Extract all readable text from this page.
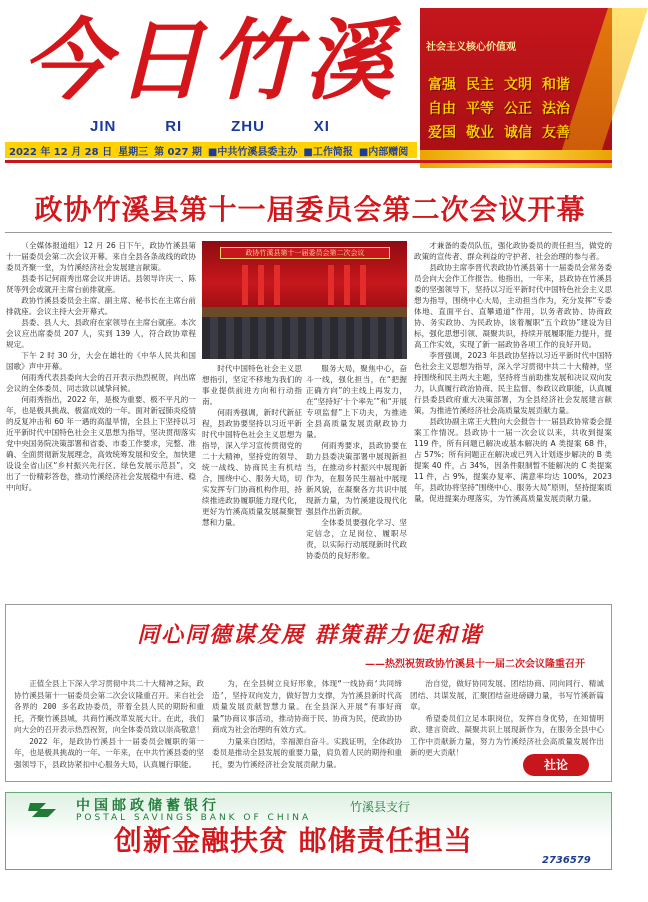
今日竹溪
JIN	RI	ZHU	XI
社会主义核心价值观
富强 民主 文明 和谐
自由 平等 公正 法治
爱国 敬业 诚信 友善
2022 年 12 月 28 日 星期三 第 027 期 ■中共竹溪县委主办 ■工作简报 ■内部赠阅
政协竹溪县第十一届委员会第二次会议开幕

（全媒体报道组）12 月 26 日下午，政协竹溪县第十一届委员会第二次会议开幕。来自全县各条战线的政协委员齐聚一堂，为竹溪经济社会发展建言献策。

县委书记何雨秀出席会议并讲话。县领导许庆一、陈贤等列会或就开主席台前排就座。

政协竹溪县委员会主席、副主席、秘书长在主席台前排就座。会议主持大会开幕式。

县委、县人大、县政府在家领导在主席台就座。本次会议应出席委员 207 人，实到 139 人，符合政协章程规定。

下午 2 时 30 分，大会在雄壮的《中华人民共和国国歌》声中开幕。

何雨秀代表县委向大会的召开表示热烈祝贺，向出席会议的全体委员、同志致以诚挚问候。

何雨秀指出，2022 年，是极为重要、极不平凡的一年，也是极具挑战、极富成效的一年。面对新冠肺炎疫情的反复冲击和 60 年一遇的高温旱情，全县上下坚持以习近平新时代中国特色社会主义思想为指导，坚决贯彻落实党中央国务院决策部署和省委、市委工作要求，完整、准确、全面贯彻新发展理念，高效统筹发展和安全，加快建设设全省山区“乡村振兴先行区、绿色发展示范县”，交出了一份精彩答卷，推动竹溪经济社会发展稳中有进、稳中向好。

政协竹溪县第十一届委员会第二次会议

时代中国特色社会主义思想指引，坚定不移地为我们的事业提供前进方向和行动指南。

何雨秀强调，新时代新征程，县政协要坚持以习近平新时代中国特色社会主义思想为指导，深入学习宣传贯彻党的二十大精神，坚持党的领导、统一战线、协商民主有机结合，围绕中心、服务大局，切实发挥专门协商机构作用，持续推进政协履职能力现代化，更好为竹溪高质量发展凝聚智慧和力量。

服务大局，聚焦中心，奋斗一线，强化担当，在“把握正确方向”的主线上再发力，在“坚持好‘十个率先’”和“开展专项监督”上下功夫，为推进全县高质量发展贡献政协力量。

何雨秀要求，县政协要在助力县委决策部署中展现新担当，在推动乡村振兴中展现新作为，在服务民生福祉中展现新风貌，在凝聚各方共识中展现新力量，为竹溪建设现代化强县作出新贡献。

全体委员要强化学习、坚定信念，立足岗位、履职尽责，以实际行动展现新时代政协委员的良好形象。

才兼备的委员队伍，强化政协委员的责任担当，做党的政策的宣传者、群众利益的守护者、社会治理的参与者。

县政协主席李晋代表政协竹溪县第十一届委员会常务委员会向大会作工作报告。他指出，一年来，县政协在竹溪县委的坚强领导下，坚持以习近平新时代中国特色社会主义思想为指导，围绕中心大局，主动担当作为，充分发挥“专委体地、直面平台、直攀通道”作用，以务者政协、协商政协、务实政协、为民政协，该着履职“五个政协”建设为目标，强化思想引领、凝聚共识，持续开展履职能力提升，提高工作实效，实现了新一届政协各项工作的良好开局。

李晋强调，2023 年县政协坚持以习近平新时代中国特色社会主义思想为指导，深入学习贯彻中共二十大精神，坚持围绕和民主两大主题，坚持将当前助推发展和决议双向发力，认真履行政治协商、民主监督、参政议政职能，认真履行县委县政府重大决策部署，为全县经济社会发展建言献策，为推进竹溪经济社会高质量发展贡献力量。

县政协副主席王大胜向大会报告十一届县政协常委会提案工作情况。县政协十一届一次会议以来，共收到提案 119 件，所有问题已解决或基本解决的 A 类提案 68 件，占 57%；所有问题正在解决或已列入计划逐步解决的 B 类提案 40 件，占 34%，因条件限制暂不能解决的 C 类提案 11 件，占 9%，提案办复率、满意率均达 100%，2023 年，县政协将坚持“围绕中心、服务大局”原则，坚持提案质量，促进提案办理落实，为竹溪高质量发展贡献力量。

同心同德谋发展 群策群力促和谐
——热烈祝贺政协竹溪县十一届二次会议隆重召开

正值全县上下深入学习贯彻中共二十大精神之际，政协竹溪县第十一届委员会第二次会议隆重召开。来自社会各界的 200 多名政协委员，带着全县人民的期盼和重托，齐聚竹溪县城，共商竹溪改革发展大计。在此，我们向大会的召开表示热烈祝贺，向全体委员致以崇高敬意！

2022 年，是政协竹溪县十一届委员会履职的第一年，也是极具挑战的一年。一年来，在中共竹溪县委的坚强领导下，县政协紧扣中心服务大局，认真履行职能。

为，在全县树立良好形象，体现“一线协商‘共同缔造’，坚持双向发力，做好智力支撑，为竹溪县新时代高质量发展贡献智慧力量。在全县深入开展“有事好商量”协商议事活动，推动协商于民、协商为民，使政协协商成为社会治理的有效方式。

力量来自团结，幸福源自奋斗。实践证明，全体政协委员是推动全县发展的重要力量，肩负着人民的期待和重托，要为竹溪经济社会发展贡献力量。

治自觉，做好协同发展、团结协商、同向同行、精诚团结、共谋发展，汇聚团结奋进磅礴力量，书写竹溪新篇章。

希望委员们立足本职岗位，发挥自身优势，在知情明政、建言资政、凝聚共识上展现新作为，在服务全县中心工作中贡献新力量，努力为竹溪经济社会高质量发展作出新的更大贡献！

社论
中国邮政储蓄银行	竹溪县支行
POSTAL SAVINGS BANK OF CHINA
创新金融扶贫 邮储责任担当
2736579
